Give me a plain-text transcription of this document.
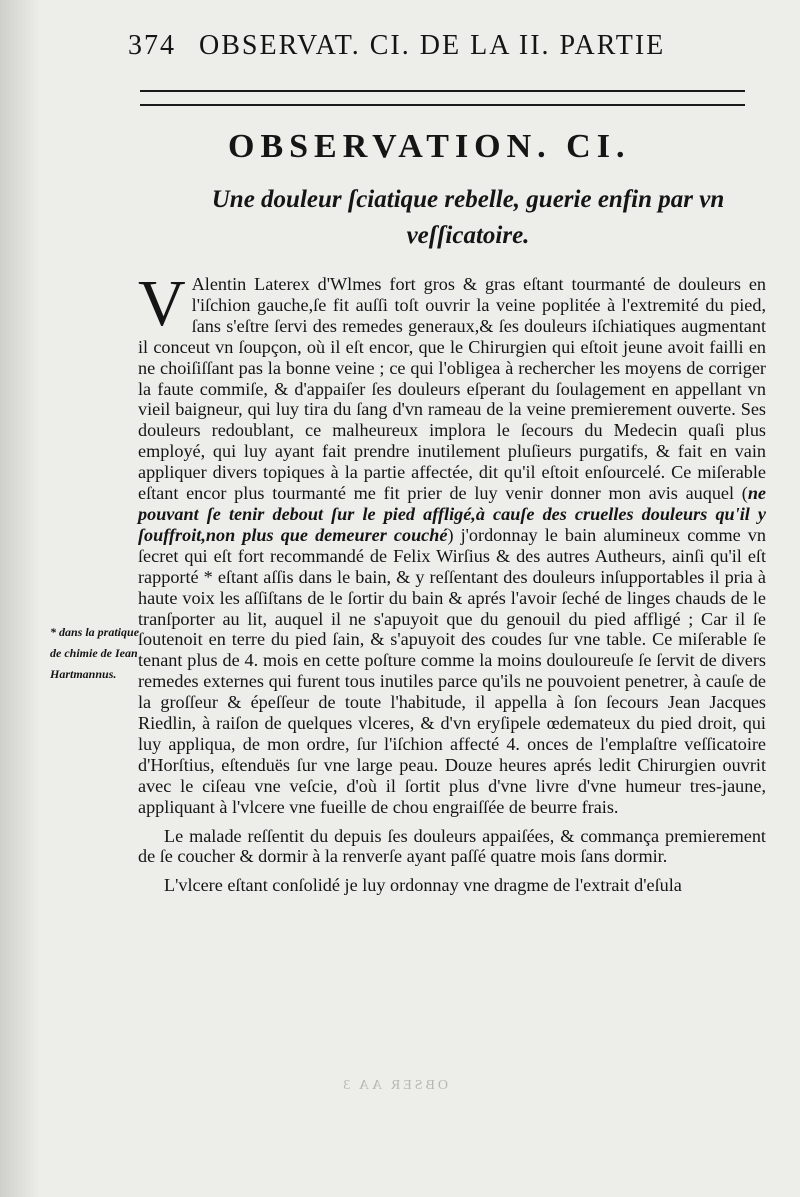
374 OBSERVAT. CI. DE LA II. PARTIE
OBSERVATION. CI.
Une douleur ſciatique rebelle, guerie enfin par vn veſſicatoire.

V Alentin Laterex d'Wlmes fort gros & gras eſtant tourmanté de douleurs en l'iſchion gauche,ſe fit auſſi toſt ouvrir la veine poplitée à l'extremité du pied, ſans s'eſtre ſervi des remedes generaux,& ſes douleurs iſchiatiques augmentant il conceut vn ſoupçon, où il eſt encor, que le Chirurgien qui eſtoit jeune avoit failli en ne choiſiſſant pas la bonne veine ; ce qui l'obligea à rechercher les moyens de corriger la faute commiſe, & d'appaiſer ſes douleurs eſperant du ſoulagement en appellant vn vieil baigneur, qui luy tira du ſang d'vn rameau de la veine premierement ouverte. Ses douleurs redoublant, ce malheureux implora le ſecours du Medecin quaſi plus employé, qui luy ayant fait prendre inutilement pluſieurs purgatifs, & fait en vain appliquer divers topiques à la partie affectée, dit qu'il eſtoit enſourcelé. Ce miſerable eſtant encor plus tourmanté me fit prier de luy venir donner mon avis auquel (ne pouvant ſe tenir debout ſur le pied affligé,à cauſe des cruelles douleurs qu'il y ſouffroit,non plus que demeurer couché) j'ordonnay le bain alumineux comme vn ſecret qui eſt fort recommandé de Felix Wirſius & des autres Autheurs, ainſi qu'il eſt rapporté * eſtant aſſis dans le bain, & y reſſentant des douleurs inſupportables il pria à haute voix les aſſiſtans de le ſortir du bain & aprés l'avoir ſeché de linges chauds de le tranſporter au lit, auquel il ne s'apuyoit que du genouil du pied affligé ; Car il ſe ſoutenoit en terre du pied ſain, & s'apuyoit des coudes ſur vne table. Ce miſerable ſe tenant plus de 4. mois en cette poſture comme la moins douloureuſe ſe ſervit de divers remedes externes qui furent tous inutiles parce qu'ils ne pouvoient penetrer, à cauſe de la groſſeur & épeſſeur de toute l'habitude, il appella à ſon ſecours Jean Jacques Riedlin, à raiſon de quelques vlceres, & d'vn eryſipele œdemateux du pied droit, qui luy appliqua, de mon ordre, ſur l'iſchion affecté 4. onces de l'emplaſtre veſſicatoire d'Horſtius, eſtenduës ſur vne large peau. Douze heures aprés ledit Chirurgien ouvrit avec le ciſeau vne veſcie, d'où il ſortit plus d'vne livre d'vne humeur tres-jaune, appliquant à l'vlcere vne fueille de chou engraiſſée de beurre frais.

Le malade reſſentit du depuis ſes douleurs appaiſées, & commança premierement de ſe coucher & dormir à la renverſe ayant paſſé quatre mois ſans dormir.

L'vlcere eſtant conſolidé je luy ordonnay vne dragme de l'extrait d'eſula

* dans la pratique de chimie de Iean Hartmannus.
OBSER AA 3
